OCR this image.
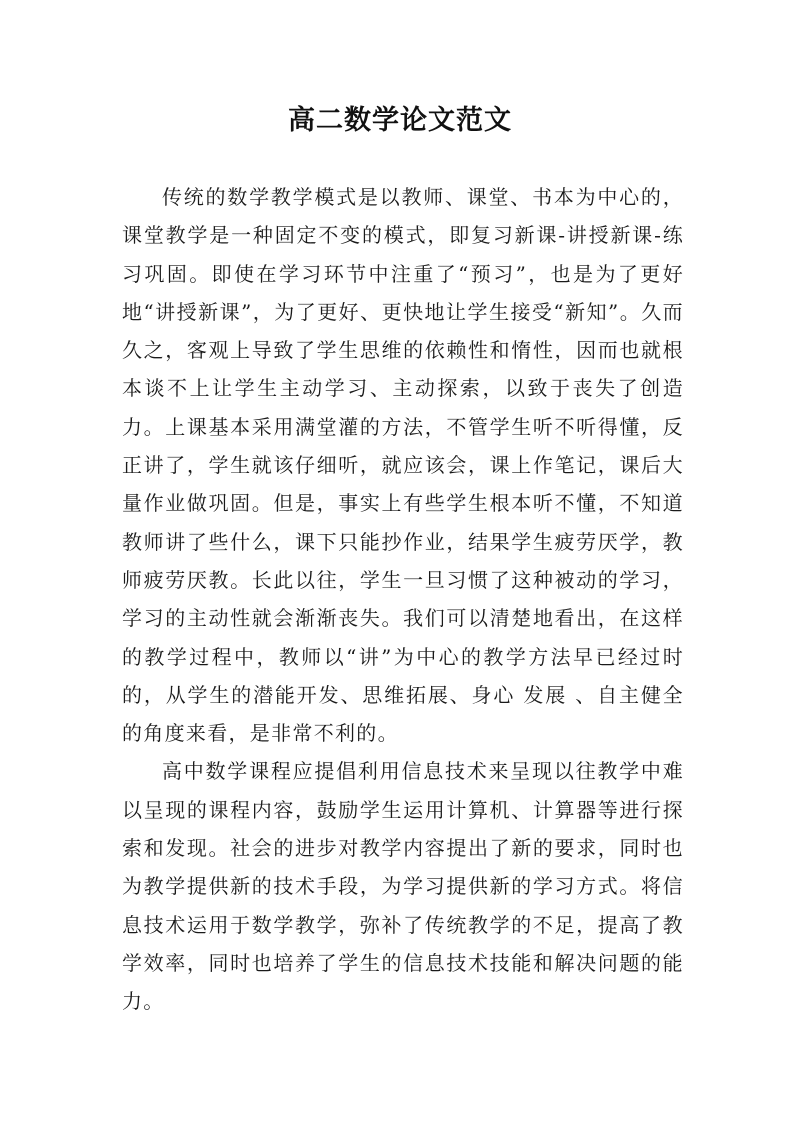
高二数学论文范文

传统的数学教学模式是以教师、课堂、书本为中心的，课堂教学是一种固定不变的模式，即复习新课-讲授新课-练习巩固。即使在学习环节中注重了“预习”，也是为了更好地“讲授新课”，为了更好、更快地让学生接受“新知”。久而久之，客观上导致了学生思维的依赖性和惰性，因而也就根本谈不上让学生主动学习、主动探索，以致于丧失了创造力。上课基本采用满堂灌的方法，不管学生听不听得懂，反正讲了，学生就该仔细听，就应该会，课上作笔记，课后大量作业做巩固。但是，事实上有些学生根本听不懂，不知道教师讲了些什么，课下只能抄作业，结果学生疲劳厌学，教师疲劳厌教。长此以往，学生一旦习惯了这种被动的学习，学习的主动性就会渐渐丧失。我们可以清楚地看出，在这样的教学过程中，教师以“讲”为中心的教学方法早已经过时的，从学生的潜能开发、思维拓展、身心 发展 、自主健全的角度来看，是非常不利的。

高中数学课程应提倡利用信息技术来呈现以往教学中难以呈现的课程内容，鼓励学生运用计算机、计算器等进行探索和发现。社会的进步对教学内容提出了新的要求，同时也为教学提供新的技术手段，为学习提供新的学习方式。将信息技术运用于数学教学，弥补了传统教学的不足，提高了教学效率，同时也培养了学生的信息技术技能和解决问题的能力。
